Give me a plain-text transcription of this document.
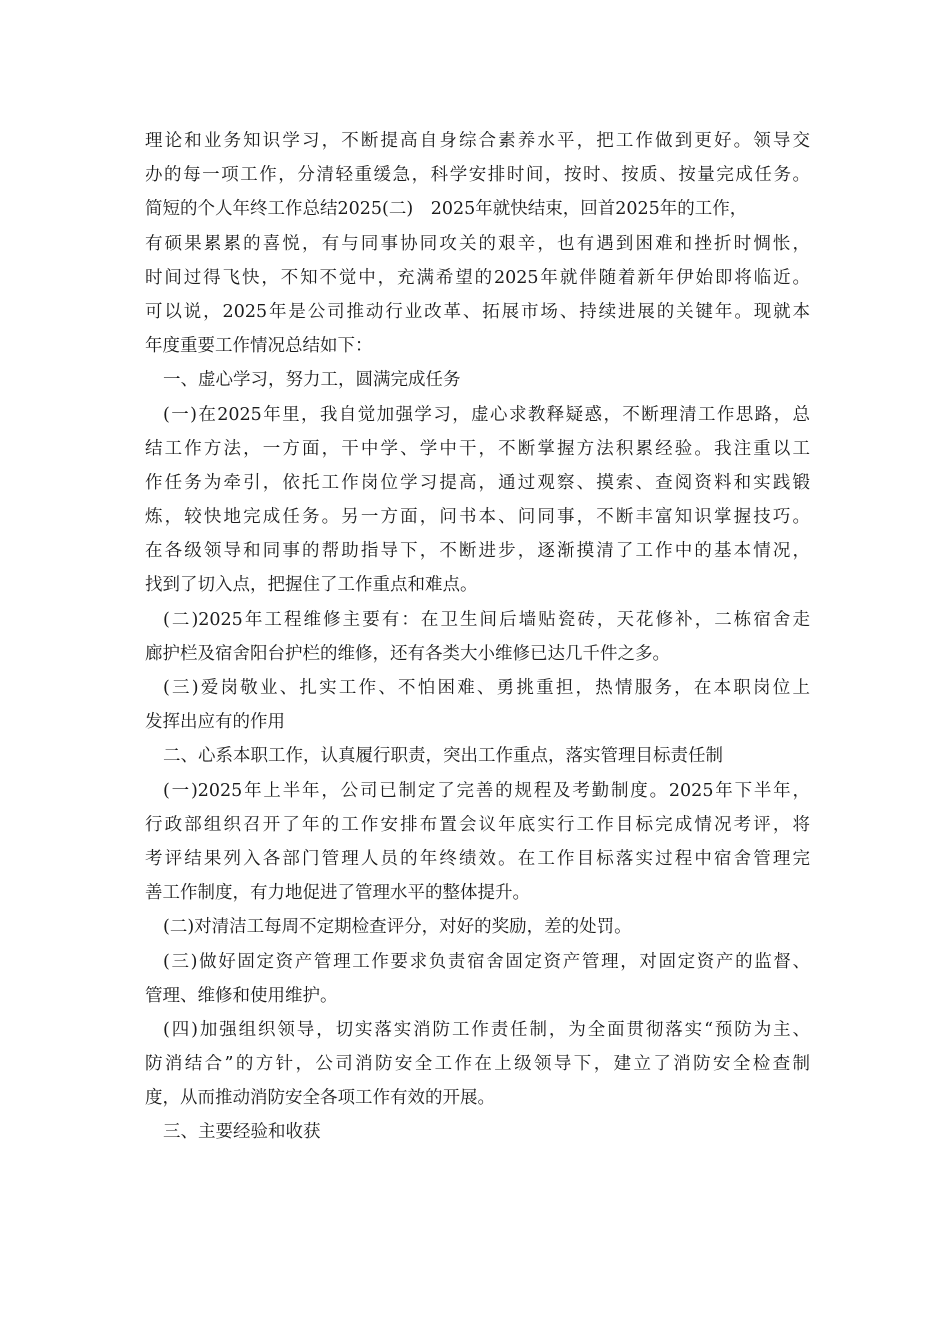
理论和业务知识学习，不断提高自身综合素养水平，把工作做到更好。领导交
办的每一项工作，分清轻重缓急，科学安排时间，按时、按质、按量完成任务。
简短的个人年终工作总结2025(二)　2025年就快结束，回首2025年的工作，
有硕果累累的喜悦，有与同事协同攻关的艰辛，也有遇到困难和挫折时惆怅，
时间过得飞快，不知不觉中，充满希望的2025年就伴随着新年伊始即将临近。
可以说，2025年是公司推动行业改革、拓展市场、持续进展的关键年。现就本
年度重要工作情况总结如下：
一、虚心学习，努力工，圆满完成任务
(一)在2025年里，我自觉加强学习，虚心求教释疑惑，不断理清工作思路，总
结工作方法，一方面，干中学、学中干，不断掌握方法积累经验。我注重以工
作任务为牵引，依托工作岗位学习提高，通过观察、摸索、查阅资料和实践锻
炼，较快地完成任务。另一方面，问书本、问同事，不断丰富知识掌握技巧。
在各级领导和同事的帮助指导下，不断进步，逐渐摸清了工作中的基本情况，
找到了切入点，把握住了工作重点和难点。
(二)2025年工程维修主要有：在卫生间后墙贴瓷砖，天花修补，二栋宿舍走
廊护栏及宿舍阳台护栏的维修，还有各类大小维修已达几千件之多。
(三)爱岗敬业、扎实工作、不怕困难、勇挑重担，热情服务，在本职岗位上
发挥出应有的作用
二、心系本职工作，认真履行职责，突出工作重点，落实管理目标责任制
(一)2025年上半年，公司已制定了完善的规程及考勤制度。2025年下半年，
行政部组织召开了年的工作安排布置会议年底实行工作目标完成情况考评，将
考评结果列入各部门管理人员的年终绩效。在工作目标落实过程中宿舍管理完
善工作制度，有力地促进了管理水平的整体提升。
(二)对清洁工每周不定期检查评分，对好的奖励，差的处罚。
(三)做好固定资产管理工作要求负责宿舍固定资产管理，对固定资产的监督、
管理、维修和使用维护。
(四)加强组织领导，切实落实消防工作责任制，为全面贯彻落实“预防为主、
防消结合”的方针，公司消防安全工作在上级领导下，建立了消防安全检查制
度，从而推动消防安全各项工作有效的开展。
三、主要经验和收获
